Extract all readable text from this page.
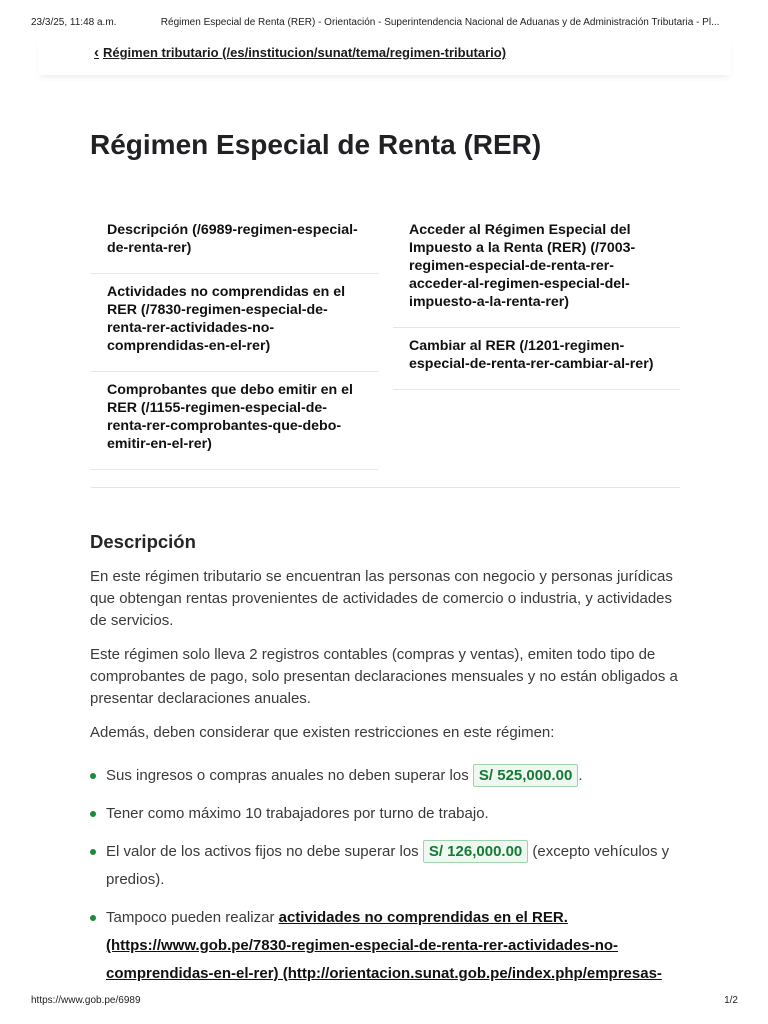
23/3/25, 11:48 a.m.	Régimen Especial de Renta (RER) - Orientación - Superintendencia Nacional de Aduanas y de Administración Tributaria - Pl...
‹ Régimen tributario (/es/institucion/sunat/tema/regimen-tributario)
Régimen Especial de Renta (RER)
Descripción (/6989-regimen-especial-de-renta-rer)
Actividades no comprendidas en el RER (/7830-regimen-especial-de-renta-rer-actividades-no-comprendidas-en-el-rer)
Comprobantes que debo emitir en el RER (/1155-regimen-especial-de-renta-rer-comprobantes-que-debo-emitir-en-el-rer)
Acceder al Régimen Especial del Impuesto a la Renta (RER) (/7003-regimen-especial-de-renta-rer-acceder-al-regimen-especial-del-impuesto-a-la-renta-rer)
Cambiar al RER (/1201-regimen-especial-de-renta-rer-cambiar-al-rer)
Descripción

En este régimen tributario se encuentran las personas con negocio y personas jurídicas que obtengan rentas provenientes de actividades de comercio o industria, y actividades de servicios.

Este régimen solo lleva 2 registros contables (compras y ventas), emiten todo tipo de comprobantes de pago, solo presentan declaraciones mensuales y no están obligados a presentar declaraciones anuales.

Además, deben considerar que existen restricciones en este régimen:

Sus ingresos o compras anuales no deben superar los S/ 525,000.00 .
Tener como máximo 10 trabajadores por turno de trabajo.
El valor de los activos fijos no debe superar los S/ 126,000.00 (excepto vehículos y predios).
Tampoco pueden realizar actividades no comprendidas en el RER. (https://www.gob.pe/7830-regimen-especial-de-renta-rer-actividades-no-comprendidas-en-el-rer) (http://orientacion.sunat.gob.pe/index.php/empresas-
https://www.gob.pe/6989	1/2
